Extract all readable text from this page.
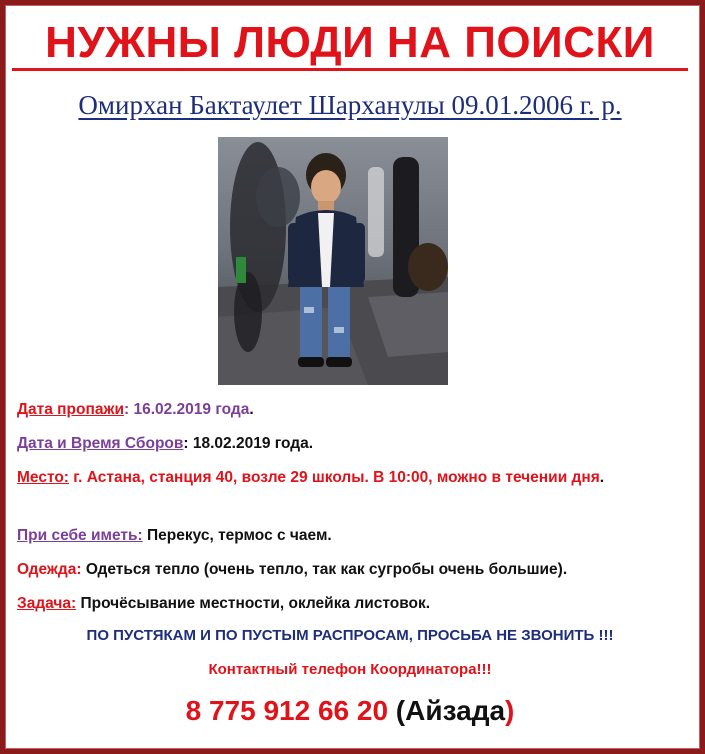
НУЖНЫ ЛЮДИ НА ПОИСКИ
Омирхан Бактаулет Шарханулы 09.01.2006 г. р.
Дата пропажи: 16.02.2019 года.
Дата и Время Сборов: 18.02.2019 года.
Место: г. Астана, станция 40, возле 29 школы. В 10:00, можно в течении дня.
При себе иметь: Перекус, термос с чаем.
Одежда: Одеться тепло (очень тепло, так как сугробы очень большие).
Задача: Прочёсывание местности, оклейка листовок.
ПО ПУСТЯКАМ И ПО ПУСТЫМ РАСПРОСАМ, ПРОСЬБА НЕ ЗВОНИТЬ !!!
Контактный телефон Координатора!!!
8 775 912 66 20 (Айзада)
